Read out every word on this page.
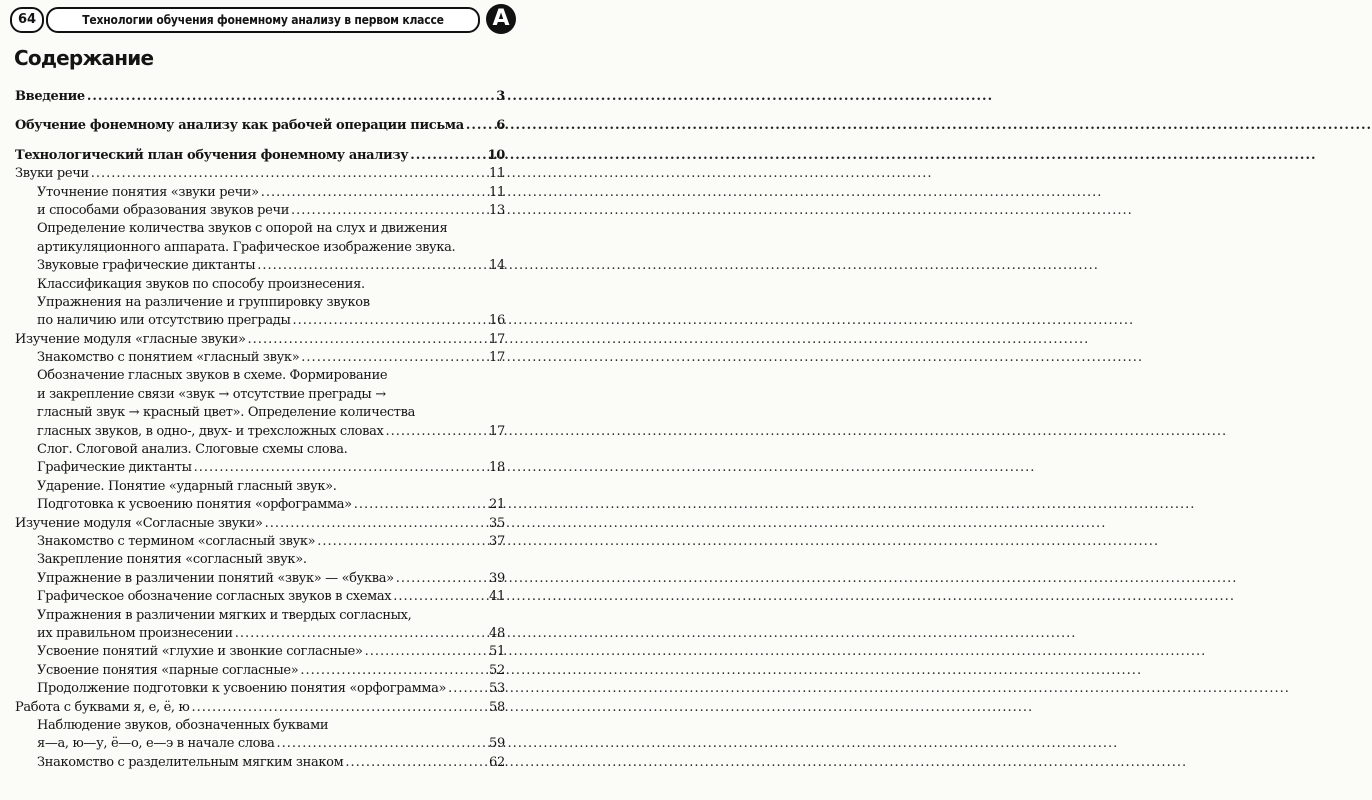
64	Технологии обучения фонемному анализу в первом классе	А
Содержание
Введение .....	3
Обучение фонемному анализу как рабочей операции письма ..... 6
Технологический план обучения фонемному анализу .....	10
Звуки речи .....	11
Уточнение понятия «звуки речи» .....	11
и способами образования звуков речи .....	13
Определение количества звуков с опорой на слух и движения
артикуляционного аппарата. Графическое изображение звука.
Звуковые графические диктанты .....	14
Классификация звуков по способу произнесения.
Упражнения на различение и группировку звуков
по наличию или отсутствию преграды .....	16
Изучение модуля «гласные звуки» .....	17
Знакомство с понятием «гласный звук» .....	17
Обозначение гласных звуков в схеме. Формирование
и закрепление связи «звук → отсутствие преграды →
гласный звук → красный цвет». Определение количества
гласных звуков, в одно-, двух- и трехсложных словах .....	17
Слог. Слоговой анализ. Слоговые схемы слова.
Графические диктанты .....	18
Ударение. Понятие «ударный гласный звук».
Подготовка к усвоению понятия «орфограмма» .....	21
Изучение модуля «Согласные звуки» .....	35
Знакомство с термином «согласный звук» .....	37
Закрепление понятия «согласный звук».
Упражнение в различении понятий «звук» — «буква» .....	39
Графическое обозначение согласных звуков в схемах .....	41
Упражнения в различении мягких и твердых согласных,
их правильном произнесении .....	48
Усвоение понятий «глухие и звонкие согласные» .....	51
Усвоение понятия «парные согласные» .....	52
Продолжение подготовки к усвоению понятия «орфограмма» .....	53
Работа с буквами я, е, ё, ю .....	58
Наблюдение звуков, обозначенных буквами
я—а, ю—у, ё—о, е—э в начале слова .....	59
Знакомство с разделительным мягким знаком .....	62
